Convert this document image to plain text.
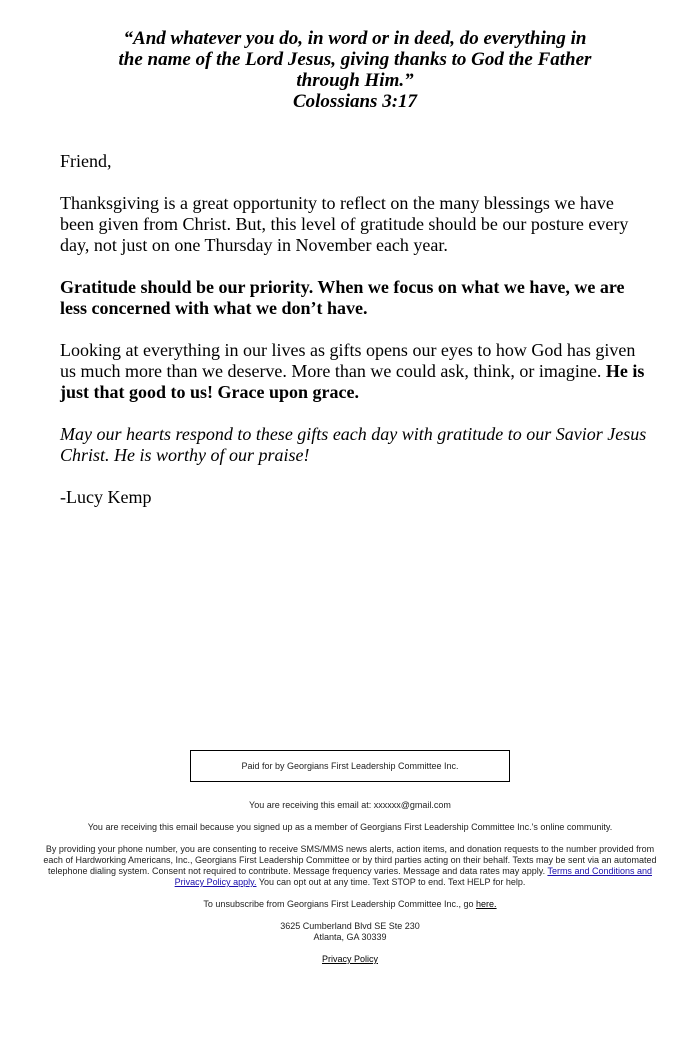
“And whatever you do, in word or in deed, do everything in
the name of the Lord Jesus, giving thanks to God the Father
through Him.”
Colossians 3:17

Friend,

Thanksgiving is a great opportunity to reflect on the many blessings we have been given from Christ. But, this level of gratitude should be our posture every day, not just on one Thursday in November each year.

Gratitude should be our priority. When we focus on what we have, we are less concerned with what we don’t have.

Looking at everything in our lives as gifts opens our eyes to how God has given us much more than we deserve. More than we could ask, think, or imagine. He is just that good to us! Grace upon grace.

May our hearts respond to these gifts each day with gratitude to our Savior Jesus Christ. He is worthy of our praise!

-Lucy Kemp

Paid for by Georgians First Leadership Committee Inc.

You are receiving this email at: xxxxxx@gmail.com

You are receiving this email because you signed up as a member of Georgians First Leadership Committee Inc.'s online community.

By providing your phone number, you are consenting to receive SMS/MMS news alerts, action items, and donation requests to the number provided from each of Hardworking Americans, Inc., Georgians First Leadership Committee or by third parties acting on their behalf. Texts may be sent via an automated telephone dialing system. Consent not required to contribute. Message frequency varies. Message and data rates may apply. Terms and Conditions and Privacy Policy apply. You can opt out at any time. Text STOP to end. Text HELP for help.

To unsubscribe from Georgians First Leadership Committee Inc., go here.

3625 Cumberland Blvd SE Ste 230
Atlanta, GA 30339

Privacy Policy
